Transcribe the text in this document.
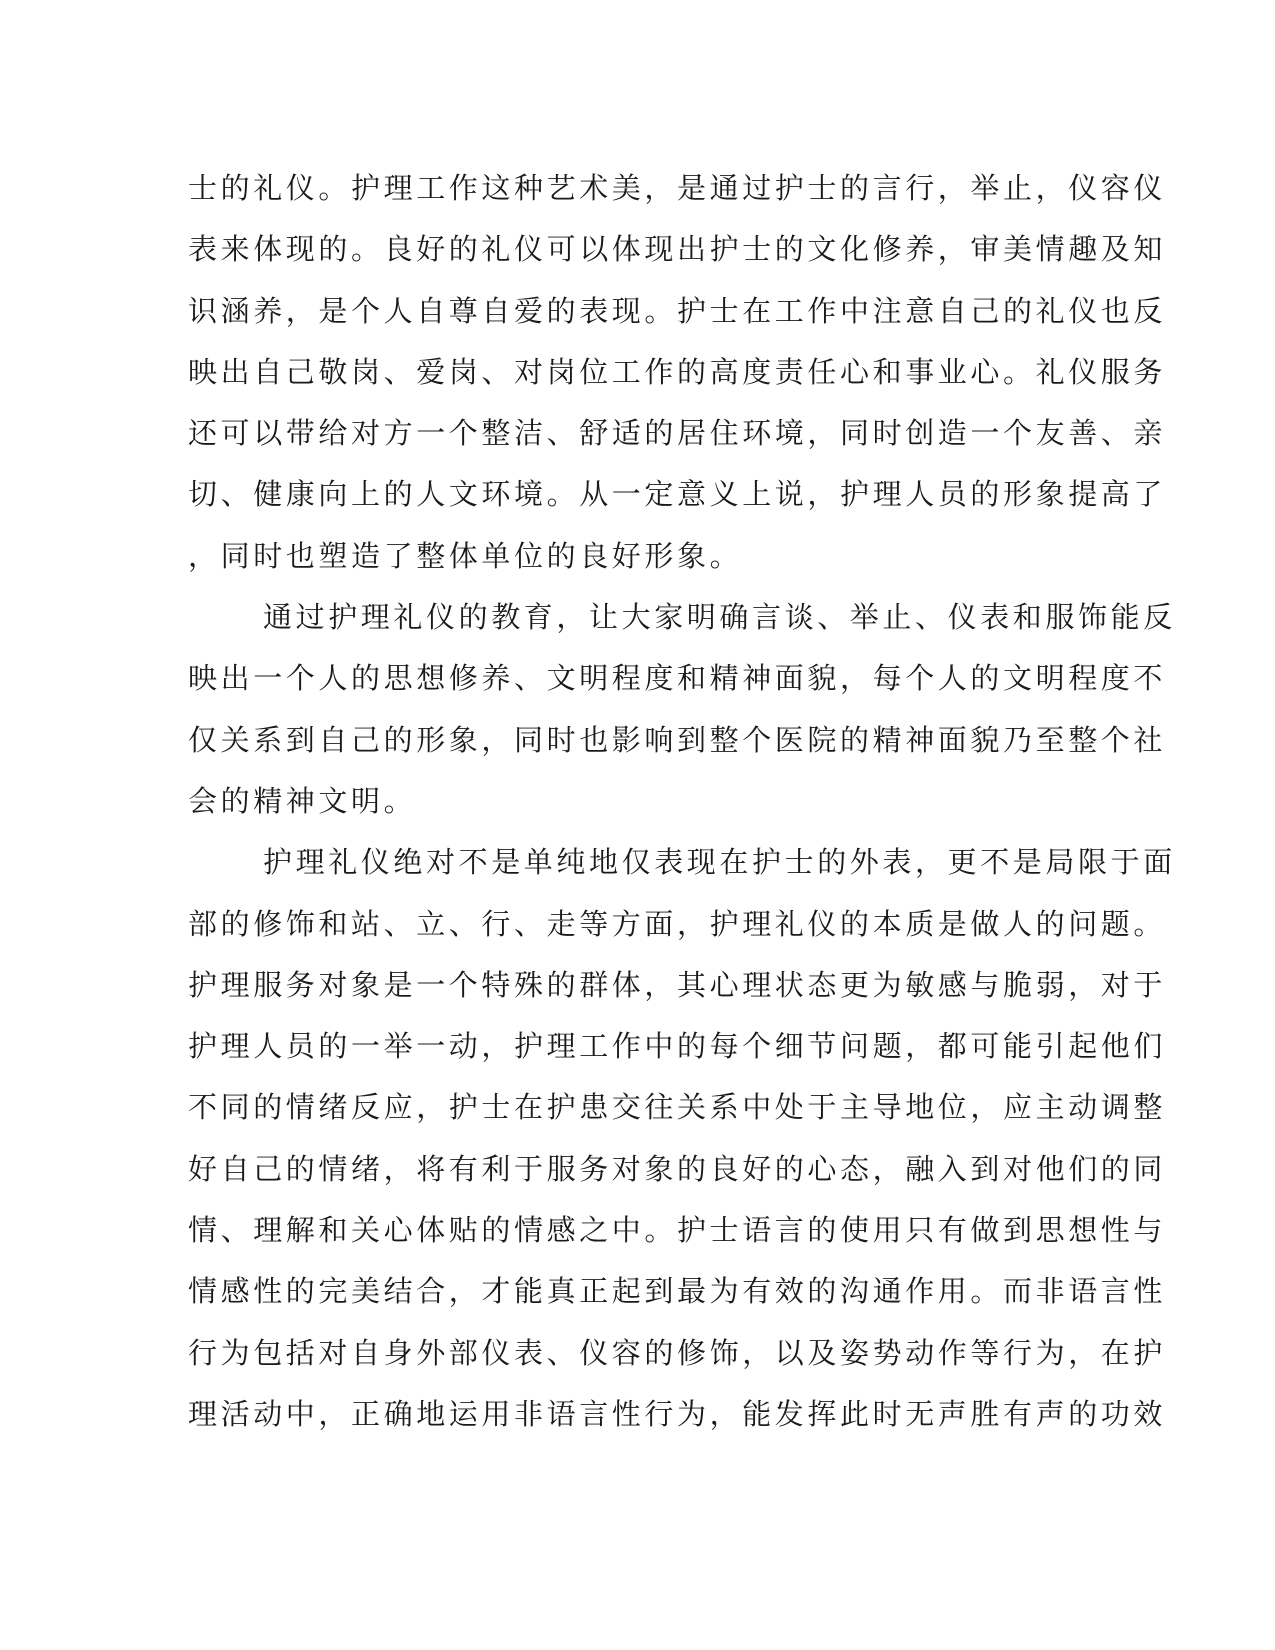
士的礼仪。护理工作这种艺术美，是通过护士的言行，举止，仪容仪
表来体现的。良好的礼仪可以体现出护士的文化修养，审美情趣及知
识涵养，是个人自尊自爱的表现。护士在工作中注意自己的礼仪也反
映出自己敬岗、爱岗、对岗位工作的高度责任心和事业心。礼仪服务
还可以带给对方一个整洁、舒适的居住环境，同时创造一个友善、亲
切、健康向上的人文环境。从一定意义上说，护理人员的形象提高了
，同时也塑造了整体单位的良好形象。
通过护理礼仪的教育，让大家明确言谈、举止、仪表和服饰能反
映出一个人的思想修养、文明程度和精神面貌，每个人的文明程度不
仅关系到自己的形象，同时也影响到整个医院的精神面貌乃至整个社
会的精神文明。
护理礼仪绝对不是单纯地仅表现在护士的外表，更不是局限于面
部的修饰和站、立、行、走等方面，护理礼仪的本质是做人的问题。
护理服务对象是一个特殊的群体，其心理状态更为敏感与脆弱，对于
护理人员的一举一动，护理工作中的每个细节问题，都可能引起他们
不同的情绪反应，护士在护患交往关系中处于主导地位，应主动调整
好自己的情绪，将有利于服务对象的良好的心态，融入到对他们的同
情、理解和关心体贴的情感之中。护士语言的使用只有做到思想性与
情感性的完美结合，才能真正起到最为有效的沟通作用。而非语言性
行为包括对自身外部仪表、仪容的修饰，以及姿势动作等行为，在护
理活动中，正确地运用非语言性行为，能发挥此时无声胜有声的功效
